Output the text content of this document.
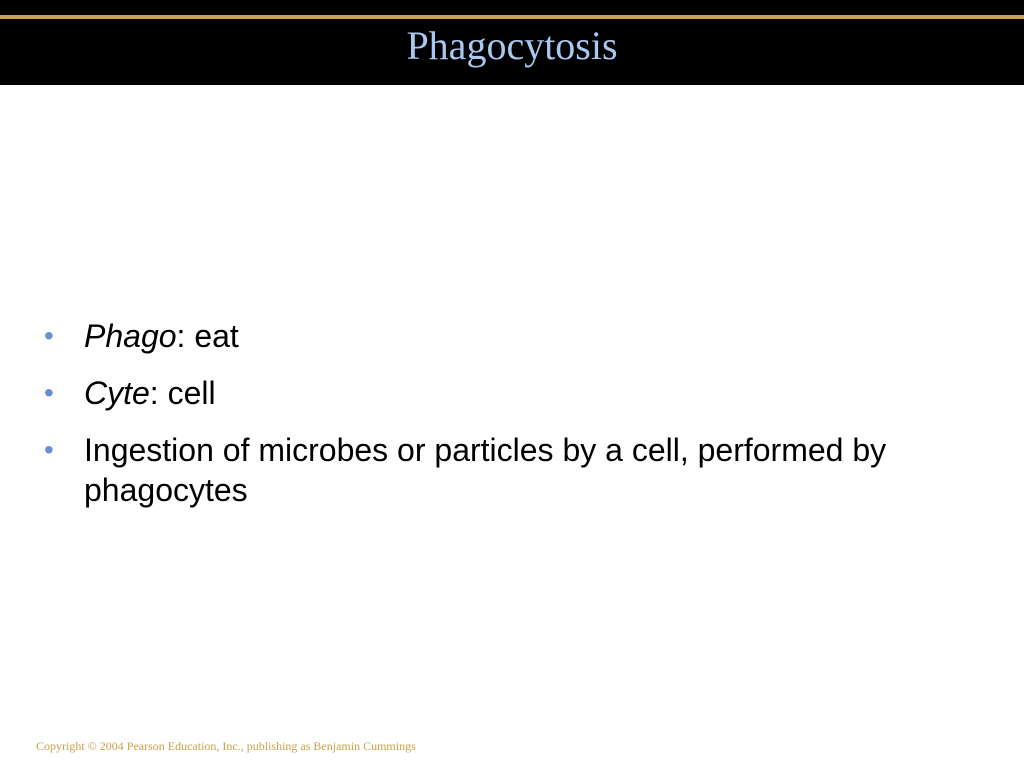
Phagocytosis
• Phago: eat
• Cyte: cell
• Ingestion of microbes or particles by a cell, performed by phagocytes
Copyright © 2004 Pearson Education, Inc., publishing as Benjamin Cummings
